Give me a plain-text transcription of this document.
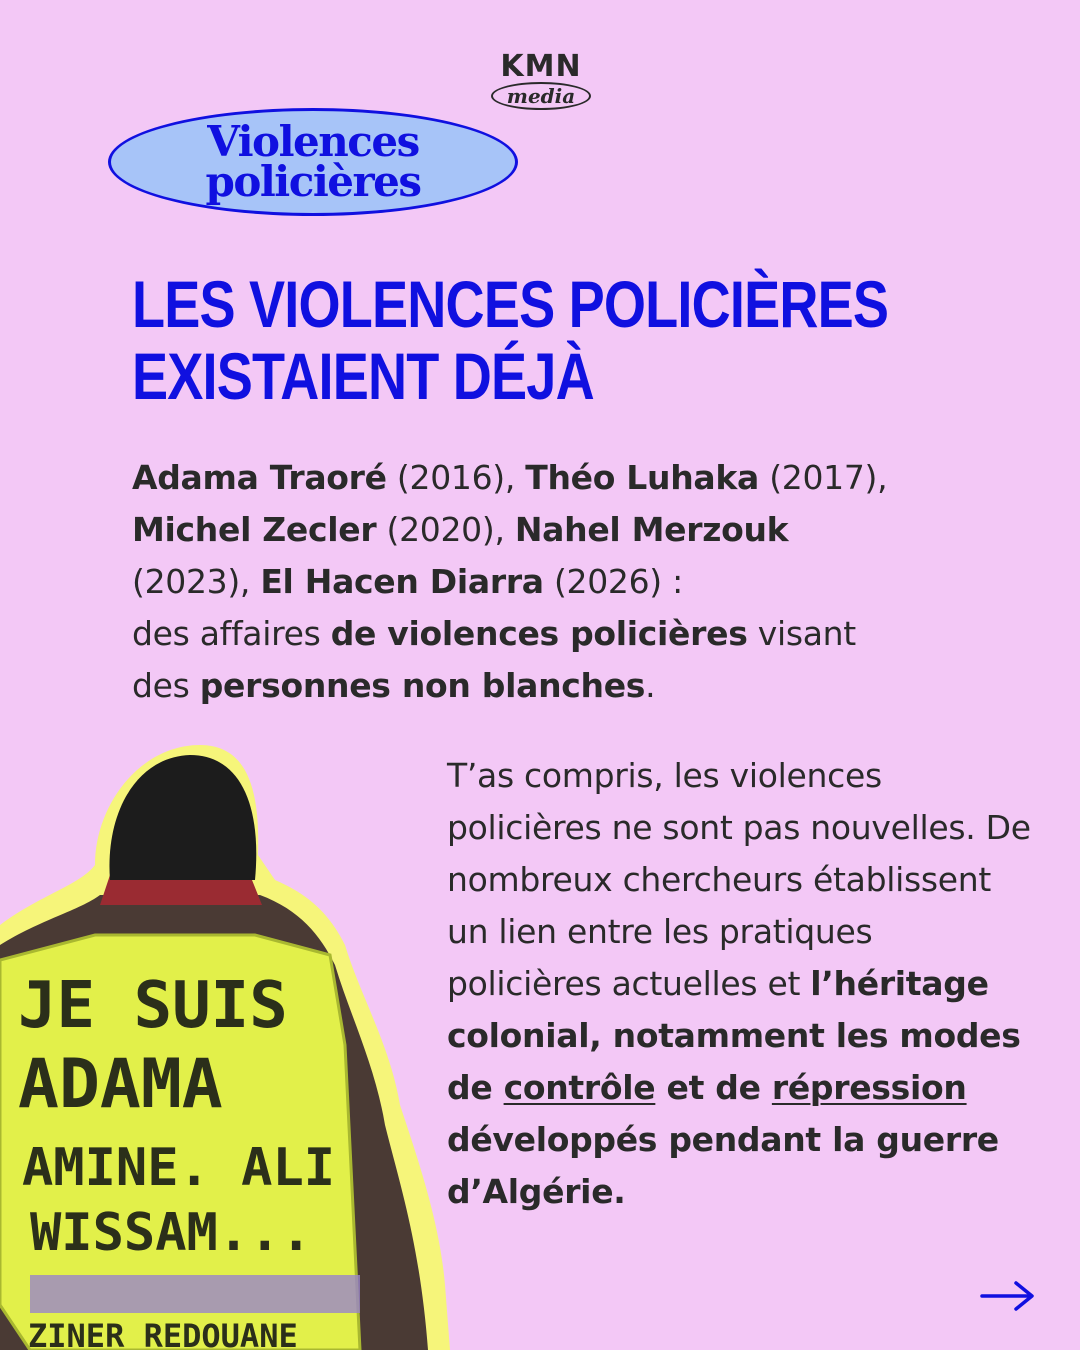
KMN
media
Violences
policières
LES VIOLENCES POLICIÈRES
EXISTAIENT DÉJÀ
Adama Traoré (2016), Théo Luhaka (2017),
Michel Zecler (2020), Nahel Merzouk
(2023), El Hacen Diarra (2026) :
des affaires de violences policières visant
des personnes non blanches.
T’as compris, les violences policières ne sont pas nouvelles. De nombreux chercheurs établissent un lien entre les pratiques policières actuelles et l’héritage colonial, notamment les modes de contrôle et de répression développés pendant la guerre d’Algérie.
JE SUIS
ADAMA
AMINE. ALI
WISSAM...
ZINER REDOUANE
